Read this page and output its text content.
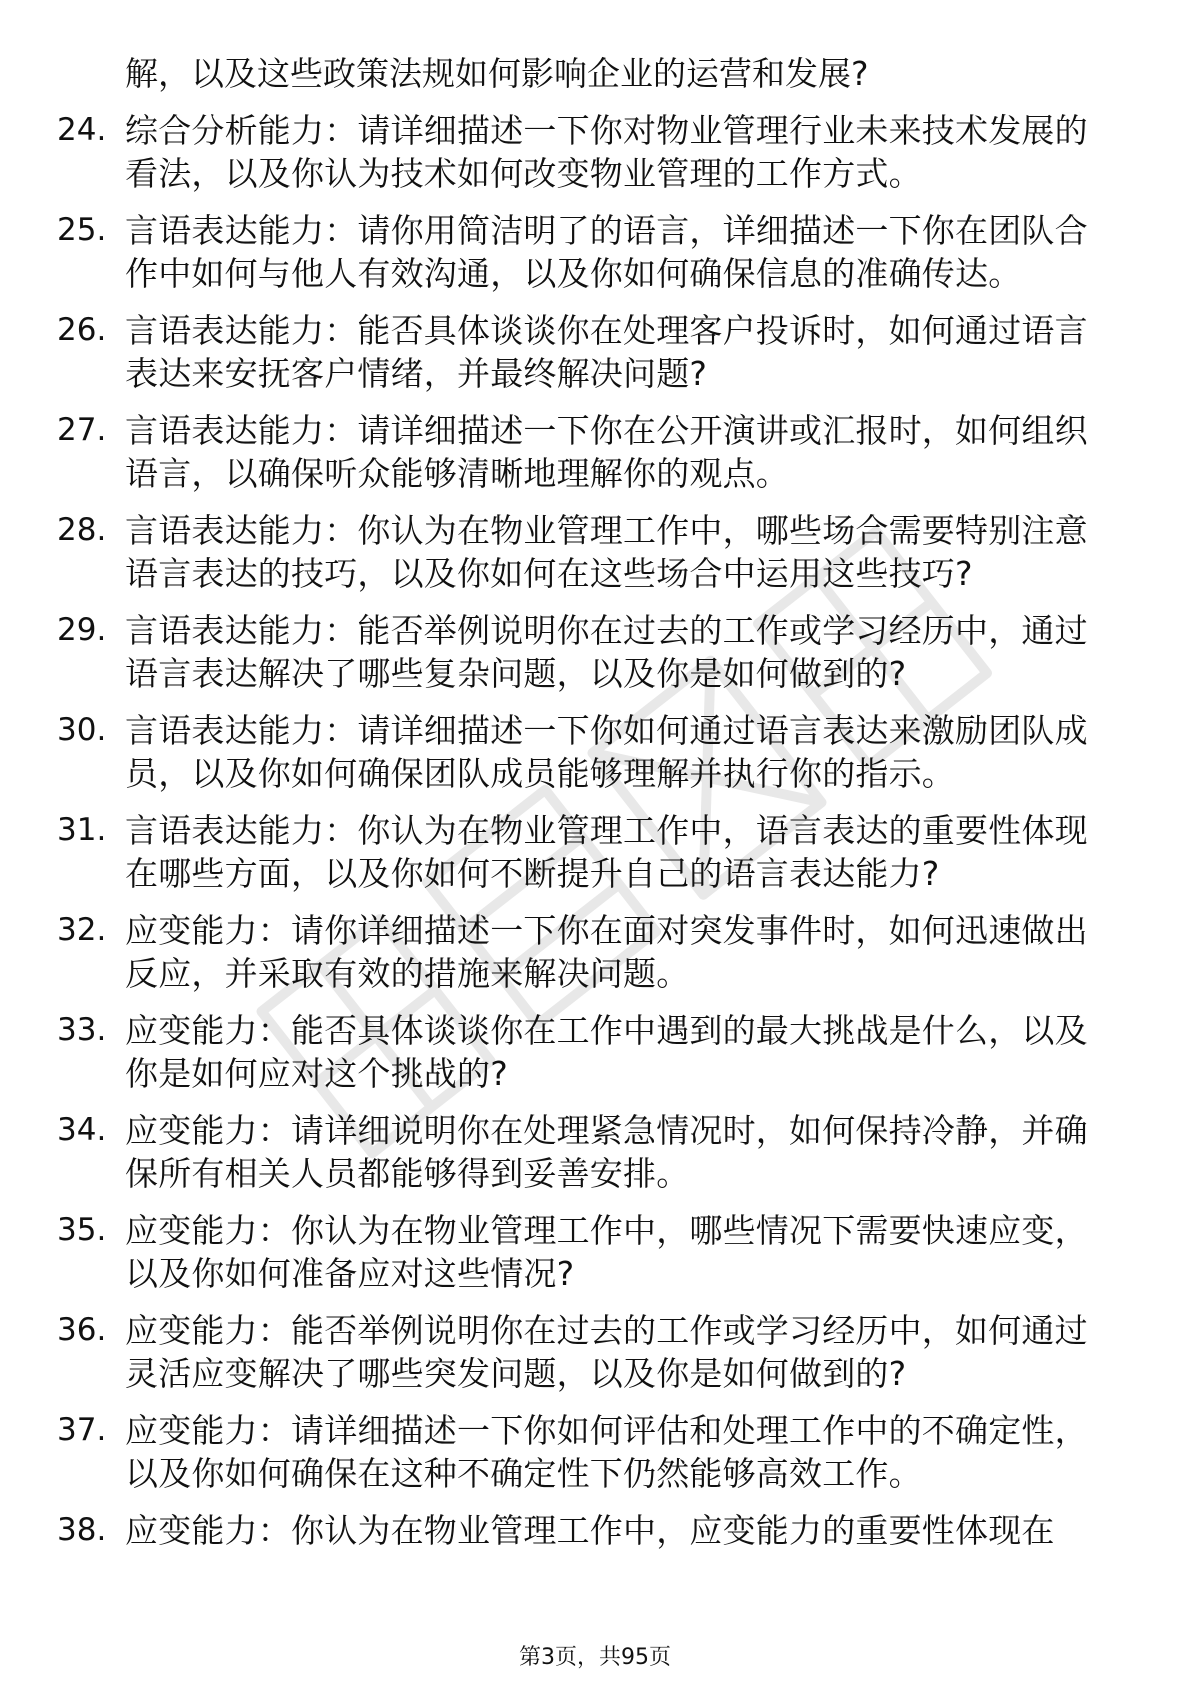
解，以及这些政策法规如何影响企业的运营和发展?
24. 综合分析能力：请详细描述一下你对物业管理行业未来技术发展的看法，以及你认为技术如何改变物业管理的工作方式。
25. 言语表达能力：请你用简洁明了的语言，详细描述一下你在团队合作中如何与他人有效沟通，以及你如何确保信息的准确传达。
26. 言语表达能力：能否具体谈谈你在处理客户投诉时，如何通过语言表达来安抚客户情绪，并最终解决问题?
27. 言语表达能力：请详细描述一下你在公开演讲或汇报时，如何组织语言，以确保听众能够清晰地理解你的观点。
28. 言语表达能力：你认为在物业管理工作中，哪些场合需要特别注意语言表达的技巧，以及你如何在这些场合中运用这些技巧?
29. 言语表达能力：能否举例说明你在过去的工作或学习经历中，通过语言表达解决了哪些复杂问题，以及你是如何做到的?
30. 言语表达能力：请详细描述一下你如何通过语言表达来激励团队成员，以及你如何确保团队成员能够理解并执行你的指示。
31. 言语表达能力：你认为在物业管理工作中，语言表达的重要性体现在哪些方面，以及你如何不断提升自己的语言表达能力?
32. 应变能力：请你详细描述一下你在面对突发事件时，如何迅速做出反应，并采取有效的措施来解决问题。
33. 应变能力：能否具体谈谈你在工作中遇到的最大挑战是什么，以及你是如何应对这个挑战的?
34. 应变能力：请详细说明你在处理紧急情况时，如何保持冷静，并确保所有相关人员都能够得到妥善安排。
35. 应变能力：你认为在物业管理工作中，哪些情况下需要快速应变，以及你如何准备应对这些情况?
36. 应变能力：能否举例说明你在过去的工作或学习经历中，如何通过灵活应变解决了哪些突发问题，以及你是如何做到的?
37. 应变能力：请详细描述一下你如何评估和处理工作中的不确定性，以及你如何确保在这种不确定性下仍然能够高效工作。
38. 应变能力：你认为在物业管理工作中，应变能力的重要性体现在
第3页，共95页
